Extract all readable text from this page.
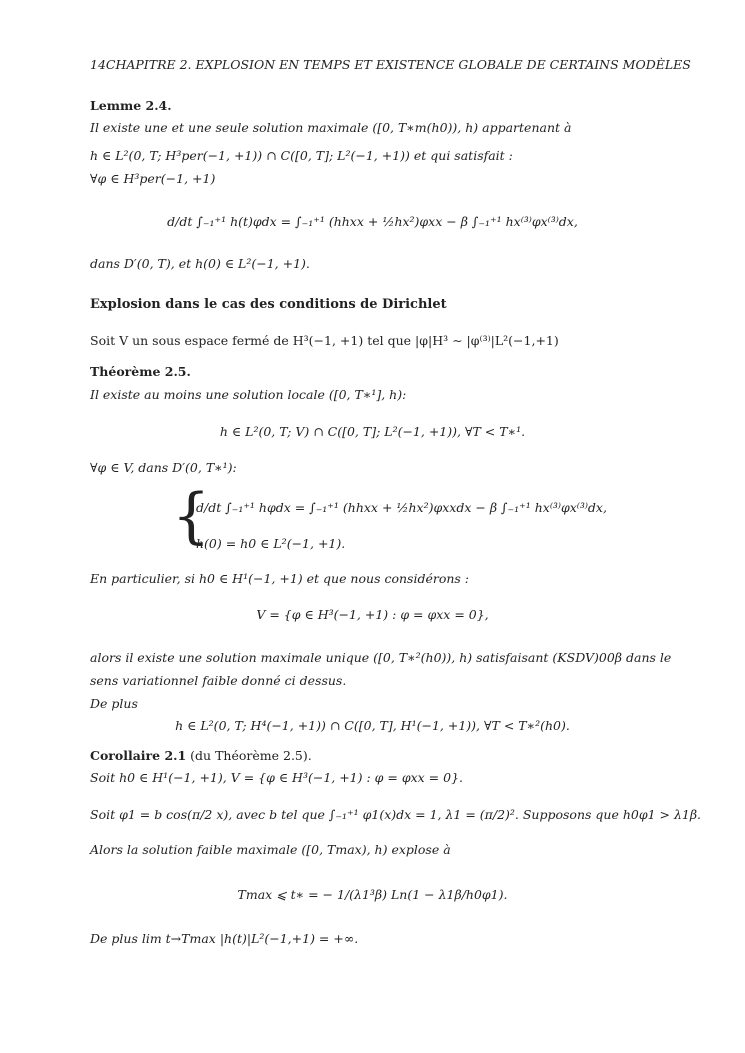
14CHAPITRE 2. EXPLOSION EN TEMPS ET EXISTENCE GLOBALE DE CERTAINS MODÈLES
Lemme 2.4.
Il existe une et une seule solution maximale ([0, T∗m(h0)), h) appartenant à
h ∈ L²(0, T; H³per(−1, +1)) ∩ C([0, T]; L²(−1, +1)) et qui satisfait :
∀φ ∈ H³per(−1, +1)
d/dt ∫₋₁⁺¹ h(t)φdx = ∫₋₁⁺¹ (hhxx + ½hx²)φxx − β ∫₋₁⁺¹ hx⁽³⁾φx⁽³⁾dx,
dans D′(0, T), et h(0) ∈ L²(−1, +1).
Explosion dans le cas des conditions de Dirichlet
Soit V un sous espace fermé de H³(−1, +1) tel que |φ|H³ ∼ |φ⁽³⁾|L²(−1,+1)
Théorème 2.5.
Il existe au moins une solution locale ([0, T∗¹], h):
h ∈ L²(0, T; V) ∩ C([0, T]; L²(−1, +1)), ∀T < T∗¹.
∀φ ∈ V, dans D′(0, T∗¹):
{
d/dt ∫₋₁⁺¹ hφdx = ∫₋₁⁺¹ (hhxx + ½hx²)φxxdx − β ∫₋₁⁺¹ hx⁽³⁾φx⁽³⁾dx,
h(0) = h0 ∈ L²(−1, +1).
En particulier, si h0 ∈ H¹(−1, +1) et que nous considérons :
V = {φ ∈ H³(−1, +1) : φ = φxx = 0},
alors il existe une solution maximale unique ([0, T∗²(h0)), h) satisfaisant (KSDV)00β dans le
sens variationnel faible donné ci dessus.
De plus
h ∈ L²(0, T; H⁴(−1, +1)) ∩ C([0, T], H¹(−1, +1)), ∀T < T∗²(h0).
Corollaire 2.1 (du Théorème 2.5).
Soit h0 ∈ H¹(−1, +1), V = {φ ∈ H³(−1, +1) : φ = φxx = 0}.
Soit φ1 = b cos(π/2 x), avec b tel que ∫₋₁⁺¹ φ1(x)dx = 1, λ1 = (π/2)². Supposons que h0φ1 > λ1β.
Alors la solution faible maximale ([0, Tmax), h) explose à
Tmax ⩽ t∗ = − 1/(λ1³β) Ln(1 − λ1β/h0φ1).
De plus lim t→Tmax |h(t)|L²(−1,+1) = +∞.
